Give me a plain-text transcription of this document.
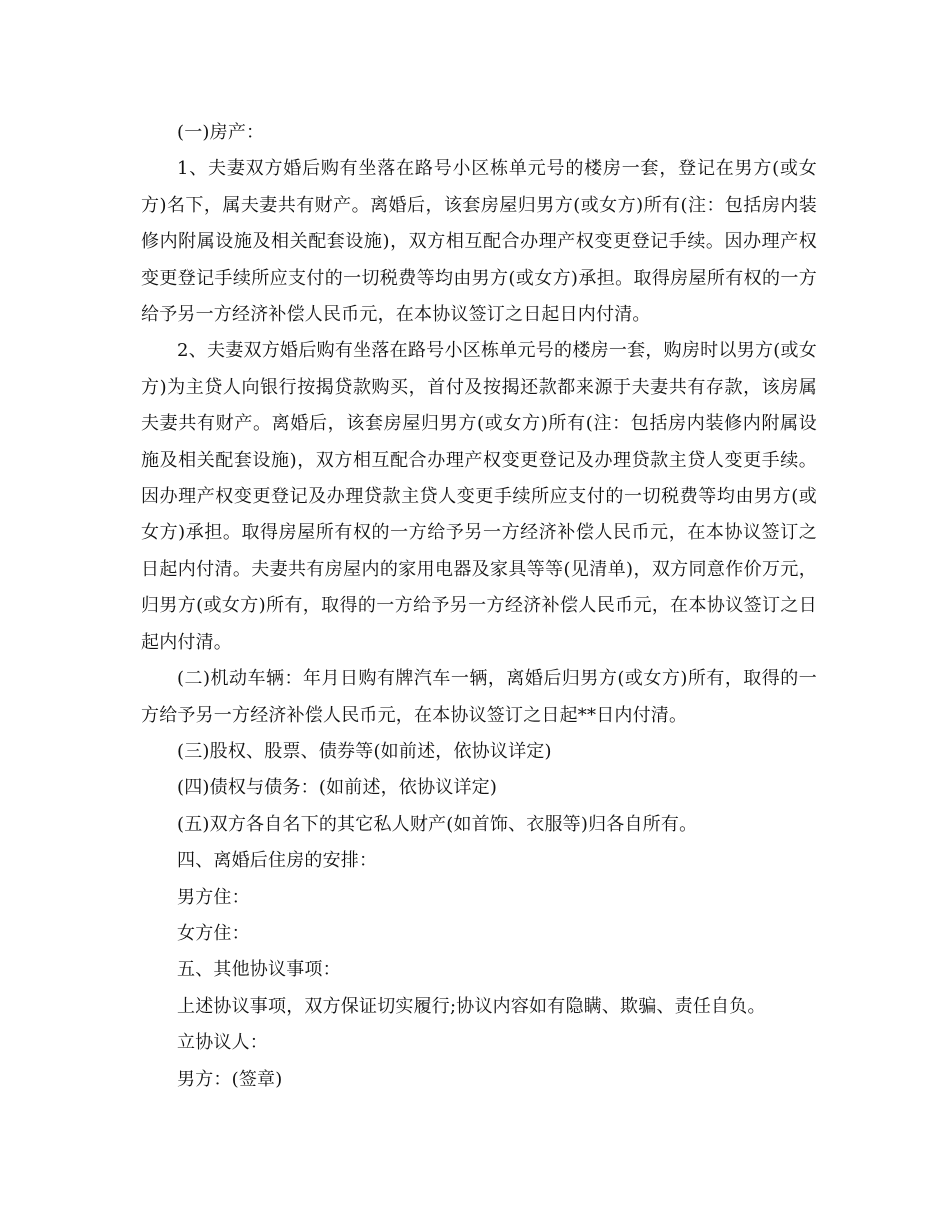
(一)房产：

1、夫妻双方婚后购有坐落在路号小区栋单元号的楼房一套，登记在男方(或女方)名下，属夫妻共有财产。离婚后，该套房屋归男方(或女方)所有(注：包括房内装修内附属设施及相关配套设施)，双方相互配合办理产权变更登记手续。因办理产权变更登记手续所应支付的一切税费等均由男方(或女方)承担。取得房屋所有权的一方给予另一方经济补偿人民币元，在本协议签订之日起日内付清。

2、夫妻双方婚后购有坐落在路号小区栋单元号的楼房一套，购房时以男方(或女方)为主贷人向银行按揭贷款购买，首付及按揭还款都来源于夫妻共有存款，该房属夫妻共有财产。离婚后，该套房屋归男方(或女方)所有(注：包括房内装修内附属设施及相关配套设施)，双方相互配合办理产权变更登记及办理贷款主贷人变更手续。因办理产权变更登记及办理贷款主贷人变更手续所应支付的一切税费等均由男方(或女方)承担。取得房屋所有权的一方给予另一方经济补偿人民币元，在本协议签订之日起内付清。夫妻共有房屋内的家用电器及家具等等(见清单)，双方同意作价万元，归男方(或女方)所有，取得的一方给予另一方经济补偿人民币元，在本协议签订之日起内付清。

(二)机动车辆：年月日购有牌汽车一辆，离婚后归男方(或女方)所有，取得的一方给予另一方经济补偿人民币元，在本协议签订之日起**日内付清。

(三)股权、股票、债券等(如前述，依协议详定)

(四)债权与债务：(如前述，依协议详定)

(五)双方各自名下的其它私人财产(如首饰、衣服等)归各自所有。

四、离婚后住房的安排：

男方住：

女方住：

五、其他协议事项：

上述协议事项，双方保证切实履行;协议内容如有隐瞒、欺骗、责任自负。

立协议人：

男方：(签章)
